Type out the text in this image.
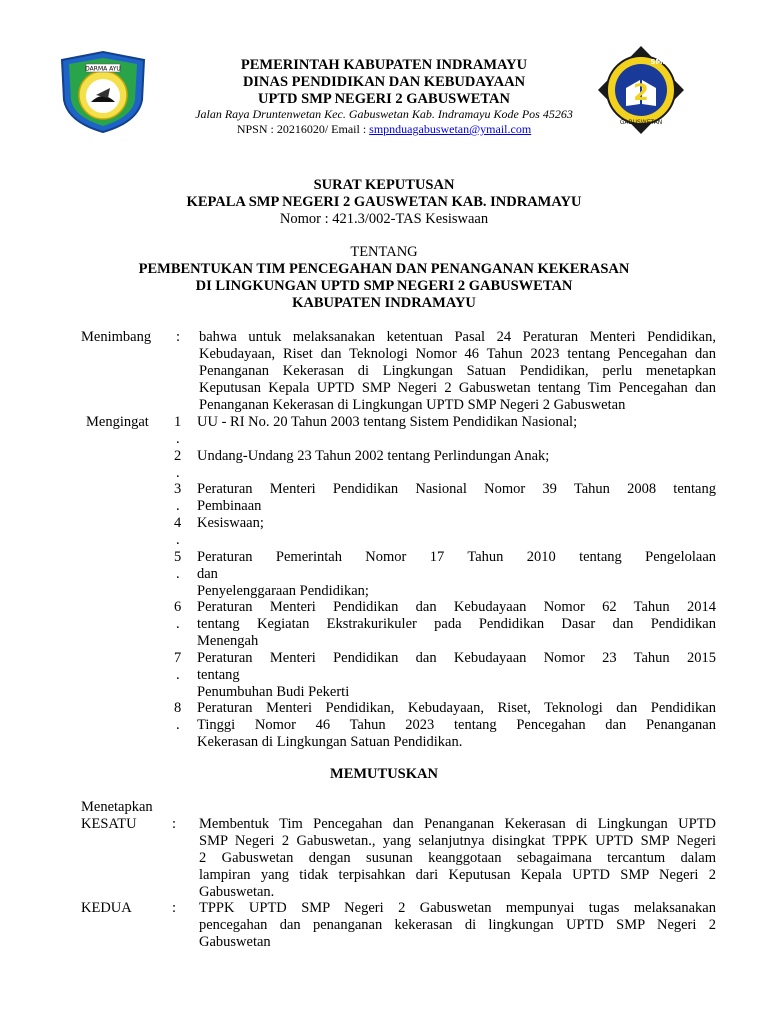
DARMA AYU
2
SMPN
GABUSWETAN
PEMERINTAH KABUPATEN INDRAMAYU
DINAS PENDIDIKAN DAN KEBUDAYAAN
UPTD SMP NEGERI 2 GABUSWETAN
Jalan Raya Druntenwetan Kec. Gabuswetan Kab. Indramayu Kode Pos 45263
NPSN : 20216020/ Email : smpnduagabuswetan@ymail.com
SURAT KEPUTUSAN
KEPALA SMP NEGERI 2 GAUSWETAN KAB. INDRAMAYU
Nomor : 421.3/002-TAS Kesiswaan
TENTANG
PEMBENTUKAN TIM PENCEGAHAN DAN PENANGANAN KEKERASAN
DI LINGKUNGAN UPTD SMP NEGERI 2 GABUSWETAN
KABUPATEN INDRAMAYU
Menimbang : bahwa untuk melaksanakan ketentuan Pasal 24 Peraturan Menteri Pendidikan,
Kebudayaan, Riset dan Teknologi Nomor 46 Tahun 2023 tentang Pencegahan dan
Penanganan Kekerasan di Lingkungan Satuan Pendidikan, perlu menetapkan
Keputusan Kepala UPTD SMP Negeri 2 Gabuswetan tentang Tim Pencegahan dan
Penanganan Kekerasan di Lingkungan UPTD SMP Negeri 2 Gabuswetan
Mengingat 1
.
UU - RI No. 20 Tahun 2003 tentang Sistem Pendidikan Nasional;
2
.
Undang-Undang 23 Tahun 2002 tentang Perlindungan Anak;
3
.
Peraturan Menteri Pendidikan Nasional Nomor 39 Tahun 2008 tentang
Pembinaan
4
.
Kesiswaan;
5
.
Peraturan Pemerintah Nomor 17 Tahun 2010 tentang Pengelolaan
dan
Penyelenggaraan Pendidikan;
6
.
Peraturan Menteri Pendidikan dan Kebudayaan Nomor 62 Tahun 2014
tentang Kegiatan Ekstrakurikuler pada Pendidikan Dasar dan Pendidikan
Menengah
7
.
Peraturan Menteri Pendidikan dan Kebudayaan Nomor 23 Tahun 2015
tentang
Penumbuhan Budi Pekerti
8
.
Peraturan Menteri Pendidikan, Kebudayaan, Riset, Teknologi dan Pendidikan
Tinggi Nomor 46 Tahun 2023 tentang Pencegahan dan Penanganan
Kekerasan di Lingkungan Satuan Pendidikan.
MEMUTUSKAN
Menetapkan
KESATU : Membentuk Tim Pencegahan dan Penanganan Kekerasan di Lingkungan UPTD
SMP Negeri 2 Gabuswetan., yang selanjutnya disingkat TPPK UPTD SMP Negeri
2 Gabuswetan dengan susunan keanggotaan sebagaimana tercantum dalam
lampiran yang tidak terpisahkan dari Keputusan Kepala UPTD SMP Negeri 2
Gabuswetan.
KEDUA	: TPPK UPTD SMP Negeri 2 Gabuswetan mempunyai tugas melaksanakan
pencegahan dan penanganan kekerasan di lingkungan UPTD SMP Negeri 2
Gabuswetan
